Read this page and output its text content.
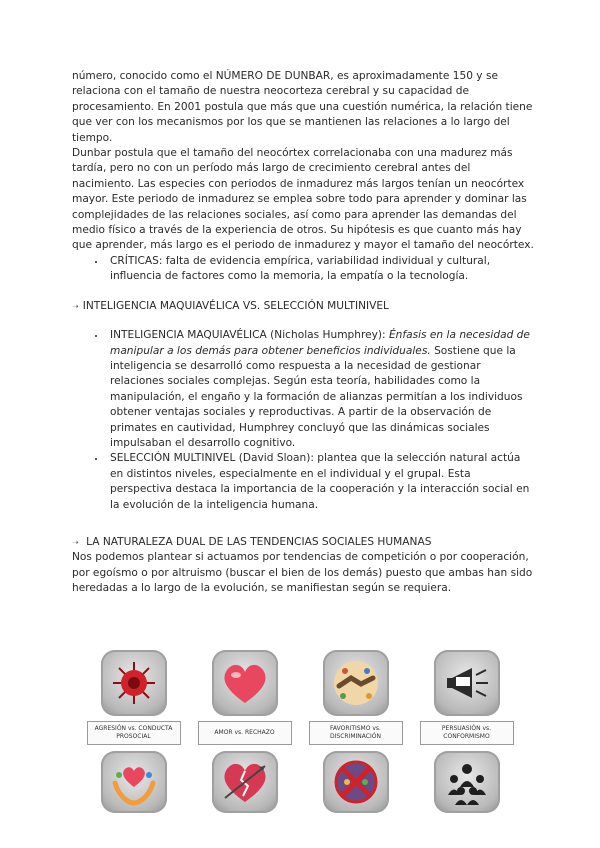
número, conocido como el NÚMERO DE DUNBAR, es aproximadamente 150 y se relaciona con el tamaño de nuestra neocorteza cerebral y su capacidad de procesamiento. En 2001 postula que más que una cuestión numérica, la relación tiene que ver con los mecanismos por los que se mantienen las relaciones a lo largo del tiempo.

Dunbar postula que el tamaño del neocórtex correlacionaba con una madurez más tardía, pero no con un período más largo de crecimiento cerebral antes del nacimiento. Las especies con periodos de inmadurez más largos tenían un neocórtex mayor. Este periodo de inmadurez se emplea sobre todo para aprender y dominar las complejidades de las relaciones sociales, así como para aprender las demandas del medio físico a través de la experiencia de otros. Su hipótesis es que cuanto más hay que aprender, más largo es el periodo de inmadurez y mayor el tamaño del neocórtex.

• CRÍTICAS: falta de evidencia empírica, variabilidad individual y cultural, influencia de factores como la memoria, la empatía o la tecnología.

➝ INTELIGENCIA MAQUIAVÉLICA VS. SELECCIÓN MULTINIVEL

• INTELIGENCIA MAQUIAVÉLICA (Nicholas Humphrey): Énfasis en la necesidad de manipular a los demás para obtener beneficios individuales. Sostiene que la inteligencia se desarrolló como respuesta a la necesidad de gestionar relaciones sociales complejas. Según esta teoría, habilidades como la manipulación, el engaño y la formación de alianzas permitían a los individuos obtener ventajas sociales y reproductivas. A partir de la observación de primates en cautividad, Humphrey concluyó que las dinámicas sociales impulsaban el desarrollo cognitivo.
• SELECCIÓN MULTINIVEL (David Sloan): plantea que la selección natural actúa en distintos niveles, especialmente en el individual y el grupal. Esta perspectiva destaca la importancia de la cooperación y la interacción social en la evolución de la inteligencia humana.

➝ LA NATURALEZA DUAL DE LAS TENDENCIAS SOCIALES HUMANAS

Nos podemos plantear si actuamos por tendencias de competición o por cooperación, por egoísmo o por altruismo (buscar el bien de los demás) puesto que ambas han sido heredadas a lo largo de la evolución, se manifiestan según se requiera.

AGRESIÓN vs. CONDUCTA PROSOCIAL
AMOR vs. RECHAZO
FAVORITISMO vs. DISCRIMINACIÓN
PERSUASIÓN vs. CONFORMISMO
